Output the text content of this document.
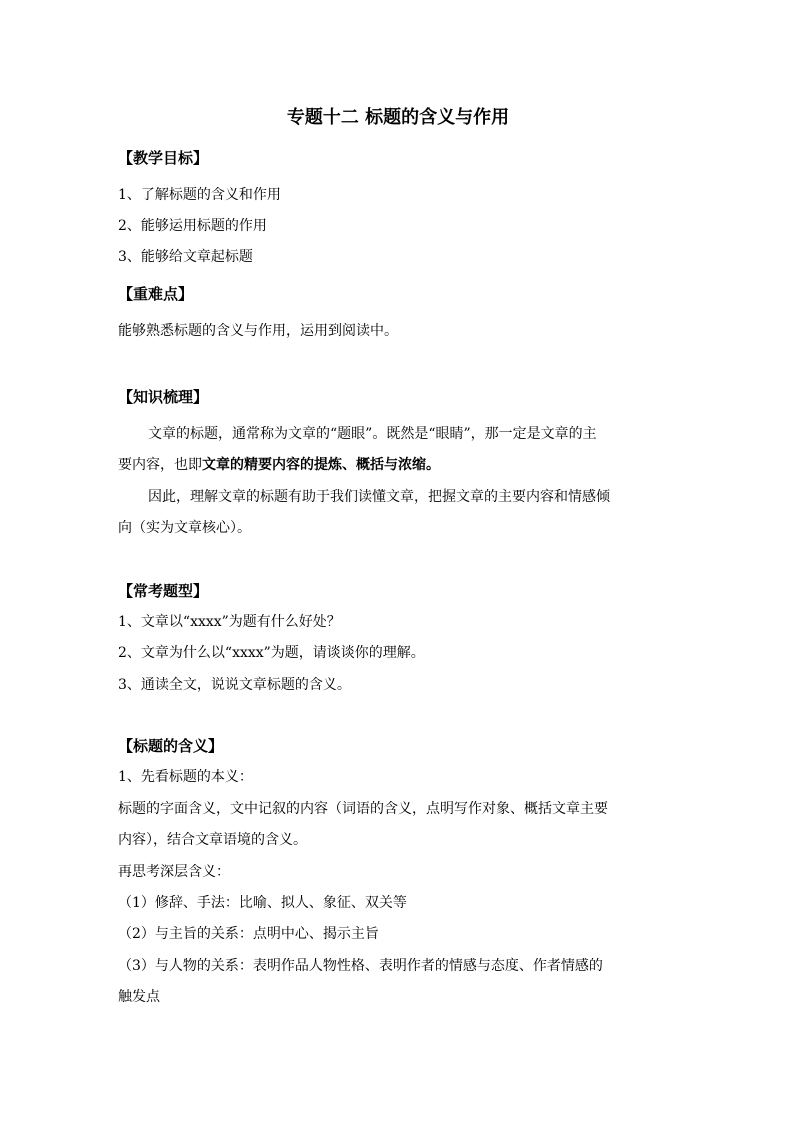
专题十二 标题的含义与作用
【教学目标】
1、了解标题的含义和作用
2、能够运用标题的作用
3、能够给文章起标题
【重难点】
能够熟悉标题的含义与作用，运用到阅读中。
【知识梳理】
文章的标题，通常称为文章的“题眼”。既然是“眼睛”，那一定是文章的主
要内容，也即文章的精要内容的提炼、概括与浓缩。
因此，理解文章的标题有助于我们读懂文章，把握文章的主要内容和情感倾
向（实为文章核心）。
【常考题型】
1、文章以“xxxx”为题有什么好处？
2、文章为什么以“xxxx”为题，请谈谈你的理解。
3、通读全文，说说文章标题的含义。
【标题的含义】
1、先看标题的本义：
标题的字面含义，文中记叙的内容（词语的含义，点明写作对象、概括文章主要
内容），结合文章语境的含义。
再思考深层含义：
（1）修辞、手法：比喻、拟人、象征、双关等
（2）与主旨的关系：点明中心、揭示主旨
（3）与人物的关系：表明作品人物性格、表明作者的情感与态度、作者情感的
触发点
